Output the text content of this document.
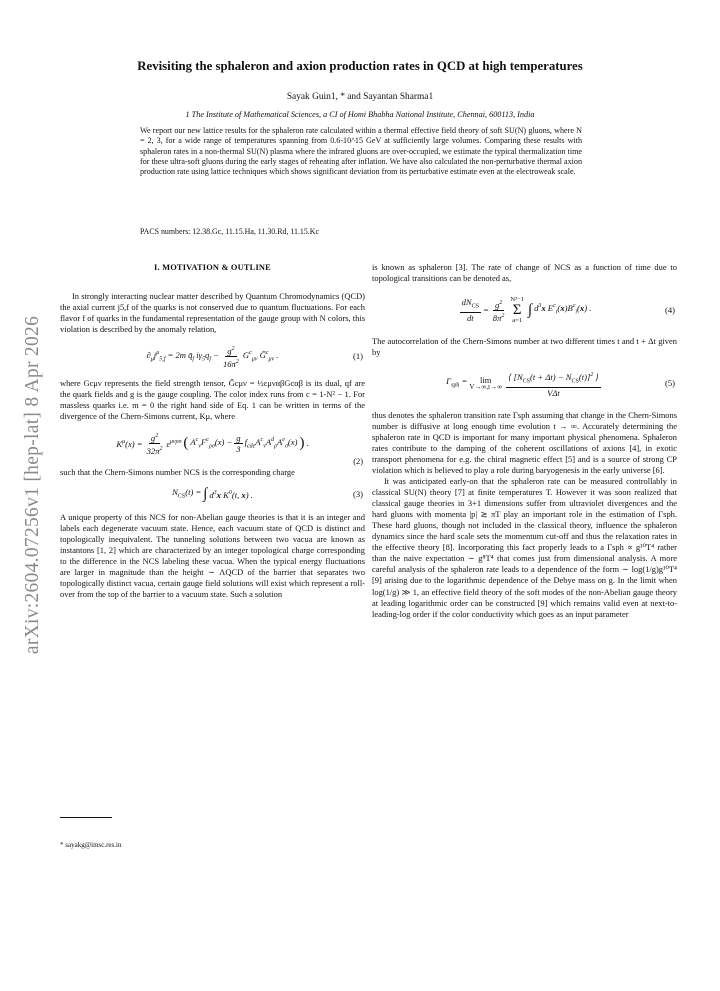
arXiv:2604.07256v1 [hep-lat] 8 Apr 2026
Revisiting the sphaleron and axion production rates in QCD at high temperatures
Sayak Guin1, * and Sayantan Sharma1
1 The Institute of Mathematical Sciences, a CI of Homi Bhabha National Institute, Chennai, 600113, India
We report our new lattice results for the sphaleron rate calculated within a thermal effective field theory of soft SU(N) gluons, where N = 2, 3, for a wide range of temperatures spanning from 0.6-10^15 GeV at sufficiently large volumes. Comparing these results with sphaleron rates in a non-thermal SU(N) plasma where the infrared gluons are over-occupied, we estimate the typical thermalization time for these ultra-soft gluons during the early stages of reheating after inflation. We have also calculated the non-perturbative thermal axion production rate using lattice techniques which shows significant deviation from its perturbative estimate even at the electroweak scale.
PACS numbers: 12.38.Gc, 11.15.Ha, 11.30.Rd, 11.15.Kc
I. MOTIVATION & OUTLINE

In strongly interacting nuclear matter described by Quantum Chromodynamics (QCD) the axial current j5,f of the quarks is not conserved due to quantum fluctuations. For each flavor f of quarks in the fundamental representation of the gauge group with N colors, this violation is described by the anomaly relation,

$\partial_\mu j^\mu_{5,f} = 2m$ $q̄_f$ $i\gamma_5q_f - \frac{g^2}{16\pi^2} G^c_{\mu\nu}$ G̃$^c_{\mu\nu}$ .	(1)

where Gcμν represents the field strength tensor, G̃cμν = ½εμναβGcαβ is its dual, qf are the quark fields and g is the gauge coupling. The color index runs from c = 1-N² − 1. For massless quarks i.e. m = 0 the right hand side of Eq. 1 can be written in terms of the divergence of the Chern-Simons current, Kμ, where

$K^\mu(x) = \frac{g^2}{32\pi^2} \varepsilon^{\mu\nu\rho\sigma}$ ( $A^c_\nu F^c_{\rho\sigma}(x) - \frac{g}{3} f_{cde}A^c_\nu A^d_\rho A^e_\sigma(x)$ ) .
(2)

such that the Chern-Simons number NCS is the corresponding charge

$N_{CS}(t)$ = ∫ $d^3x$ $K^0(t$, x) .	(3)

A unique property of this NCS for non-Abelian gauge theories is that it is an integer and labels each degenerate vacuum state. Hence, each vacuum state of QCD is distinct and topologically inequivalent. The tunneling solutions between two vacua are known as instantons [1, 2] which are characterized by an integer topological charge corresponding to the difference in the NCS labeling these vacua. When the typical energy fluctuations are larger in magnitude than the height ∼ ΛQCD of the barrier that separates two topologically distinct vacua, certain gauge field solutions will exist which represent a roll-over from the top of the barrier to a vacuum state. Such a solution

is known as sphaleron [3]. The rate of change of NCS as a function of time due to topological transitions can be denoted as,

$\frac{dN_{CS}}{dt} = \frac{g^2}{8\pi^2} N^2-1$
Σ
a=1
∫ $d^3x$ $E^c_i(x)B^c_i(x)$ .	(4)

The autocorrelation of the Chern-Simons number at two different times t and t + Δt given by

$\Gamma_{sph} = \lim$
$V\to\infty,t\to\infty \frac{⟨ [N_{CS}(t + \Delta t) - N_{CS}(t)]^2 ⟩}{\text{VΔt}}$	(5)

thus denotes the sphaleron transition rate Γsph assuming that change in the Chern-Simons number is diffusive at long enough time evolution t → ∞. Accurately determining the sphaleron rate in QCD is important for many important physical phenomena. Sphaleron rates contribute to the damping of the coherent oscillations of axions [4], in exotic transport phenomena for e.g. the chiral magnetic effect [5] and is a source of strong CP violation which is believed to play a role during baryogenesis in the early universe [6].

It was anticipated early-on that the sphaleron rate can be measured controllably in classical SU(N) theory [7] at finite temperatures T. However it was soon realized that classical gauge theories in 3+1 dimensions suffer from ultraviolet divergences and the hard gluons with momenta |p| ≳ πT play an important role in the estimation of Γsph. These hard gluons, though not included in the classical theory, influence the sphaleron dynamics since the hard scale sets the momentum cut-off and thus the relaxation rates in the effective theory [8]. Incorporating this fact properly leads to a Γsph ∝ g¹⁰T⁴ rather than the naive expectation ∼ g⁸T⁴ that comes just from dimensional analysis. A more careful analysis of the sphaleron rate leads to a dependence of the form ∼ log(1/g)g¹⁰T⁴ [9] arising due to the logarithmic dependence of the Debye mass on g. In the limit when log(1/g) ≫ 1, an effective field theory of the soft modes of the non-Abelian gauge theory at leading logarithmic order can be constructed [9] which remains valid even at next-to-leading-log order if the color conductivity which goes as an input parameter

* sayakg@imsc.res.in
